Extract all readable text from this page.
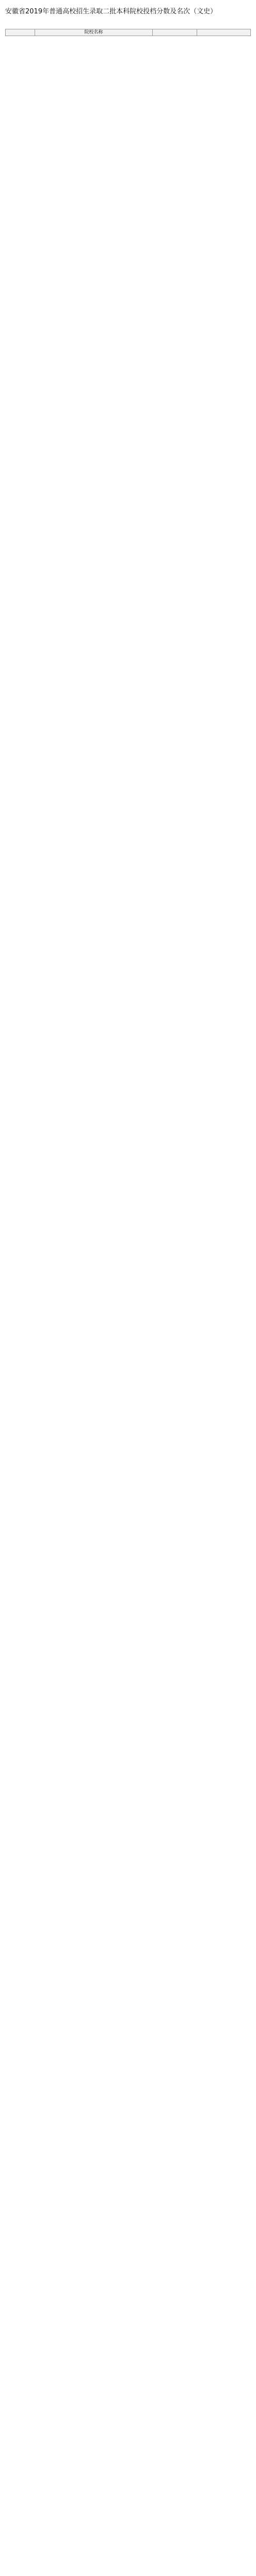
安徽省2019年普通高校招生录取二批本科院校投档分数及名次（文史）
	院校名称		
